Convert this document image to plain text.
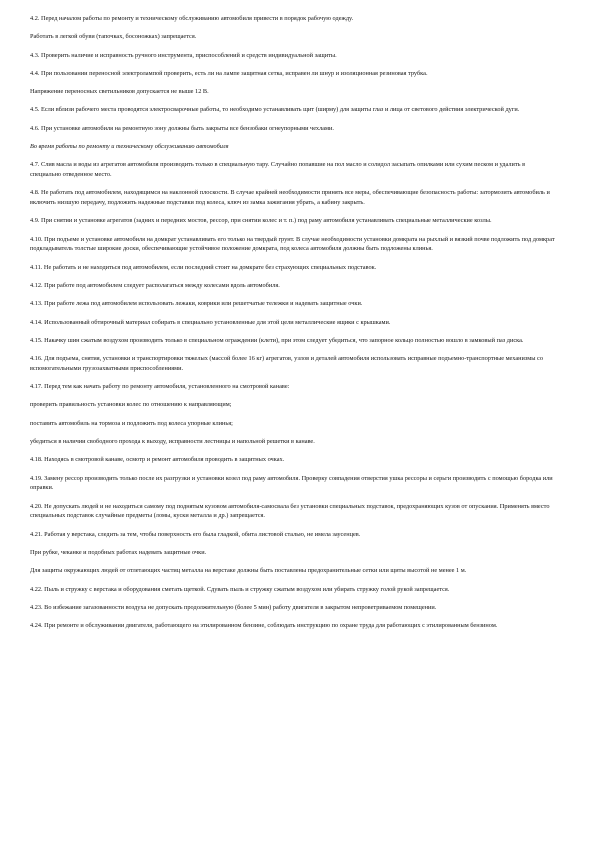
4.2. Перед началом работы по ремонту и техническому обслуживанию автомобиля привести в порядок рабочую одежду.

Работать в легкой обуви (тапочках, босоножках) запрещается.

4.3. Проверить наличие и исправность ручного инструмента, приспособлений и средств индивидуальной защиты.

4.4. При пользовании переносной электролампой проверить, есть ли на лампе защитная сетка, исправен ли шнур и изоляционная резиновая трубка.

Напряжение переносных светильников допускается не выше 12 В.

4.5. Если вблизи рабочего места проводятся электросварочные работы, то необходимо устанавливать щит (ширму) для защиты глаз и лица от светового действия электрической дуги.

4.6. При установке автомобиля на ремонтную зону должны быть закрыты все бензобаки огнеупорными чехлами.

Во время работы по ремонту и техническому обслуживанию автомобиля

4.7. Слив масла и воды из агрегатов автомобиля производить только в специальную тару. Случайно попавшие на пол масло и солидол засыпать опилками или сухим песком и удалить в специально отведенное место.

4.8. Не работать под автомобилем, находящимся на наклонной плоскости. В случае крайней необходимости принять все меры, обеспечивающие безопасность работы: затормозить автомобиль и включить низшую передачу, подложить надежные подставки под колеса, ключ из замка зажигания убрать, а кабину закрыть.

4.9. При снятии и установке агрегатов (задних и передних мостов, рессор, при снятии колес и т. п.) под раму автомобиля устанавливать специальные металлические козлы.

4.10. При подъеме и установке автомобиля на домкрат устанавливать его только на твердый грунт. В случае необходимости установки домкрата на рыхлый и вязкий почве подложить под домкрат подкладыватель толстые широкие доски, обеспечивающие устойчивое положение домкрата, под колеса автомобиля должны быть подложены клинья.

4.11. Не работать и не находиться под автомобилем, если последний стоит на домкрате без страхующих специальных подставок.

4.12. При работе под автомобилем следует располагаться между колесами вдоль автомобиля.

4.13. При работе лежа под автомобилем использовать лежаки, коврики или решетчатые тележки и надевать защитные очки.

4.14. Использованный обтирочный материал собирать в специально установленные для этой цели металлические ящики с крышками.

4.15. Накачку шин сжатым воздухом производить только в специальном ограждении (клети), при этом следует убедиться, что запорное кольцо полностью вошло в замковый паз диска.

4.16. Для подъема, снятия, установки и транспортировки тяжелых (массой более 16 кг) агрегатов, узлов и деталей автомобиля использовать исправные подъемно-транспортные механизмы со вспомогательными грузозахватными приспособлениями.

4.17. Перед тем как начать работу по ремонту автомобиля, установленного на смотровой канаве:

проверить правильность установки колес по отношению к направляющим;

поставить автомобиль на тормоза и подложить под колеса упорные клинья;

убедиться в наличии свободного прохода к выходу, исправности лестницы и напольной решетки в канаве.

4.18. Находясь в смотровой канаве, осмотр и ремонт автомобиля проводить в защитных очках.

4.19. Замену рессор производить только после их разгрузки и установки козел под раму автомобиля. Проверку совпадения отверстия ушка рессоры и серьги производить с помощью бородка или оправки.

4.20. Не допускать людей и не находиться самому под поднятым кузовом автомобиля-самосвала без установки специальных подставок, предохраняющих кузов от опускания. Применять вместо специальных подставок случайные предметы (ломы, куски металла и др.) запрещается.

4.21. Работая у верстака, следить за тем, чтобы поверхность его была гладкой, обита листовой сталью, не имела заусенцев.

При рубке, чеканке и подобных работах надевать защитные очки.

Для защиты окружающих людей от отлетающих частиц металла на верстаке должны быть поставлены предохранительные сетки или щиты высотой не менее 1 м.

4.22. Пыль и стружку с верстака и оборудования сметать щеткой. Сдувать пыль и стружку сжатым воздухом или убирать стружку голой рукой запрещается.

4.23. Во избежание загазованности воздуха не допускать продолжительную (более 5 мин) работу двигателя в закрытом непроветриваемом помещении.

4.24. При ремонте и обслуживании двигателя, работающего на этилированном бензине, соблюдать инструкцию по охране труда для работающих с этилированным бензином.
